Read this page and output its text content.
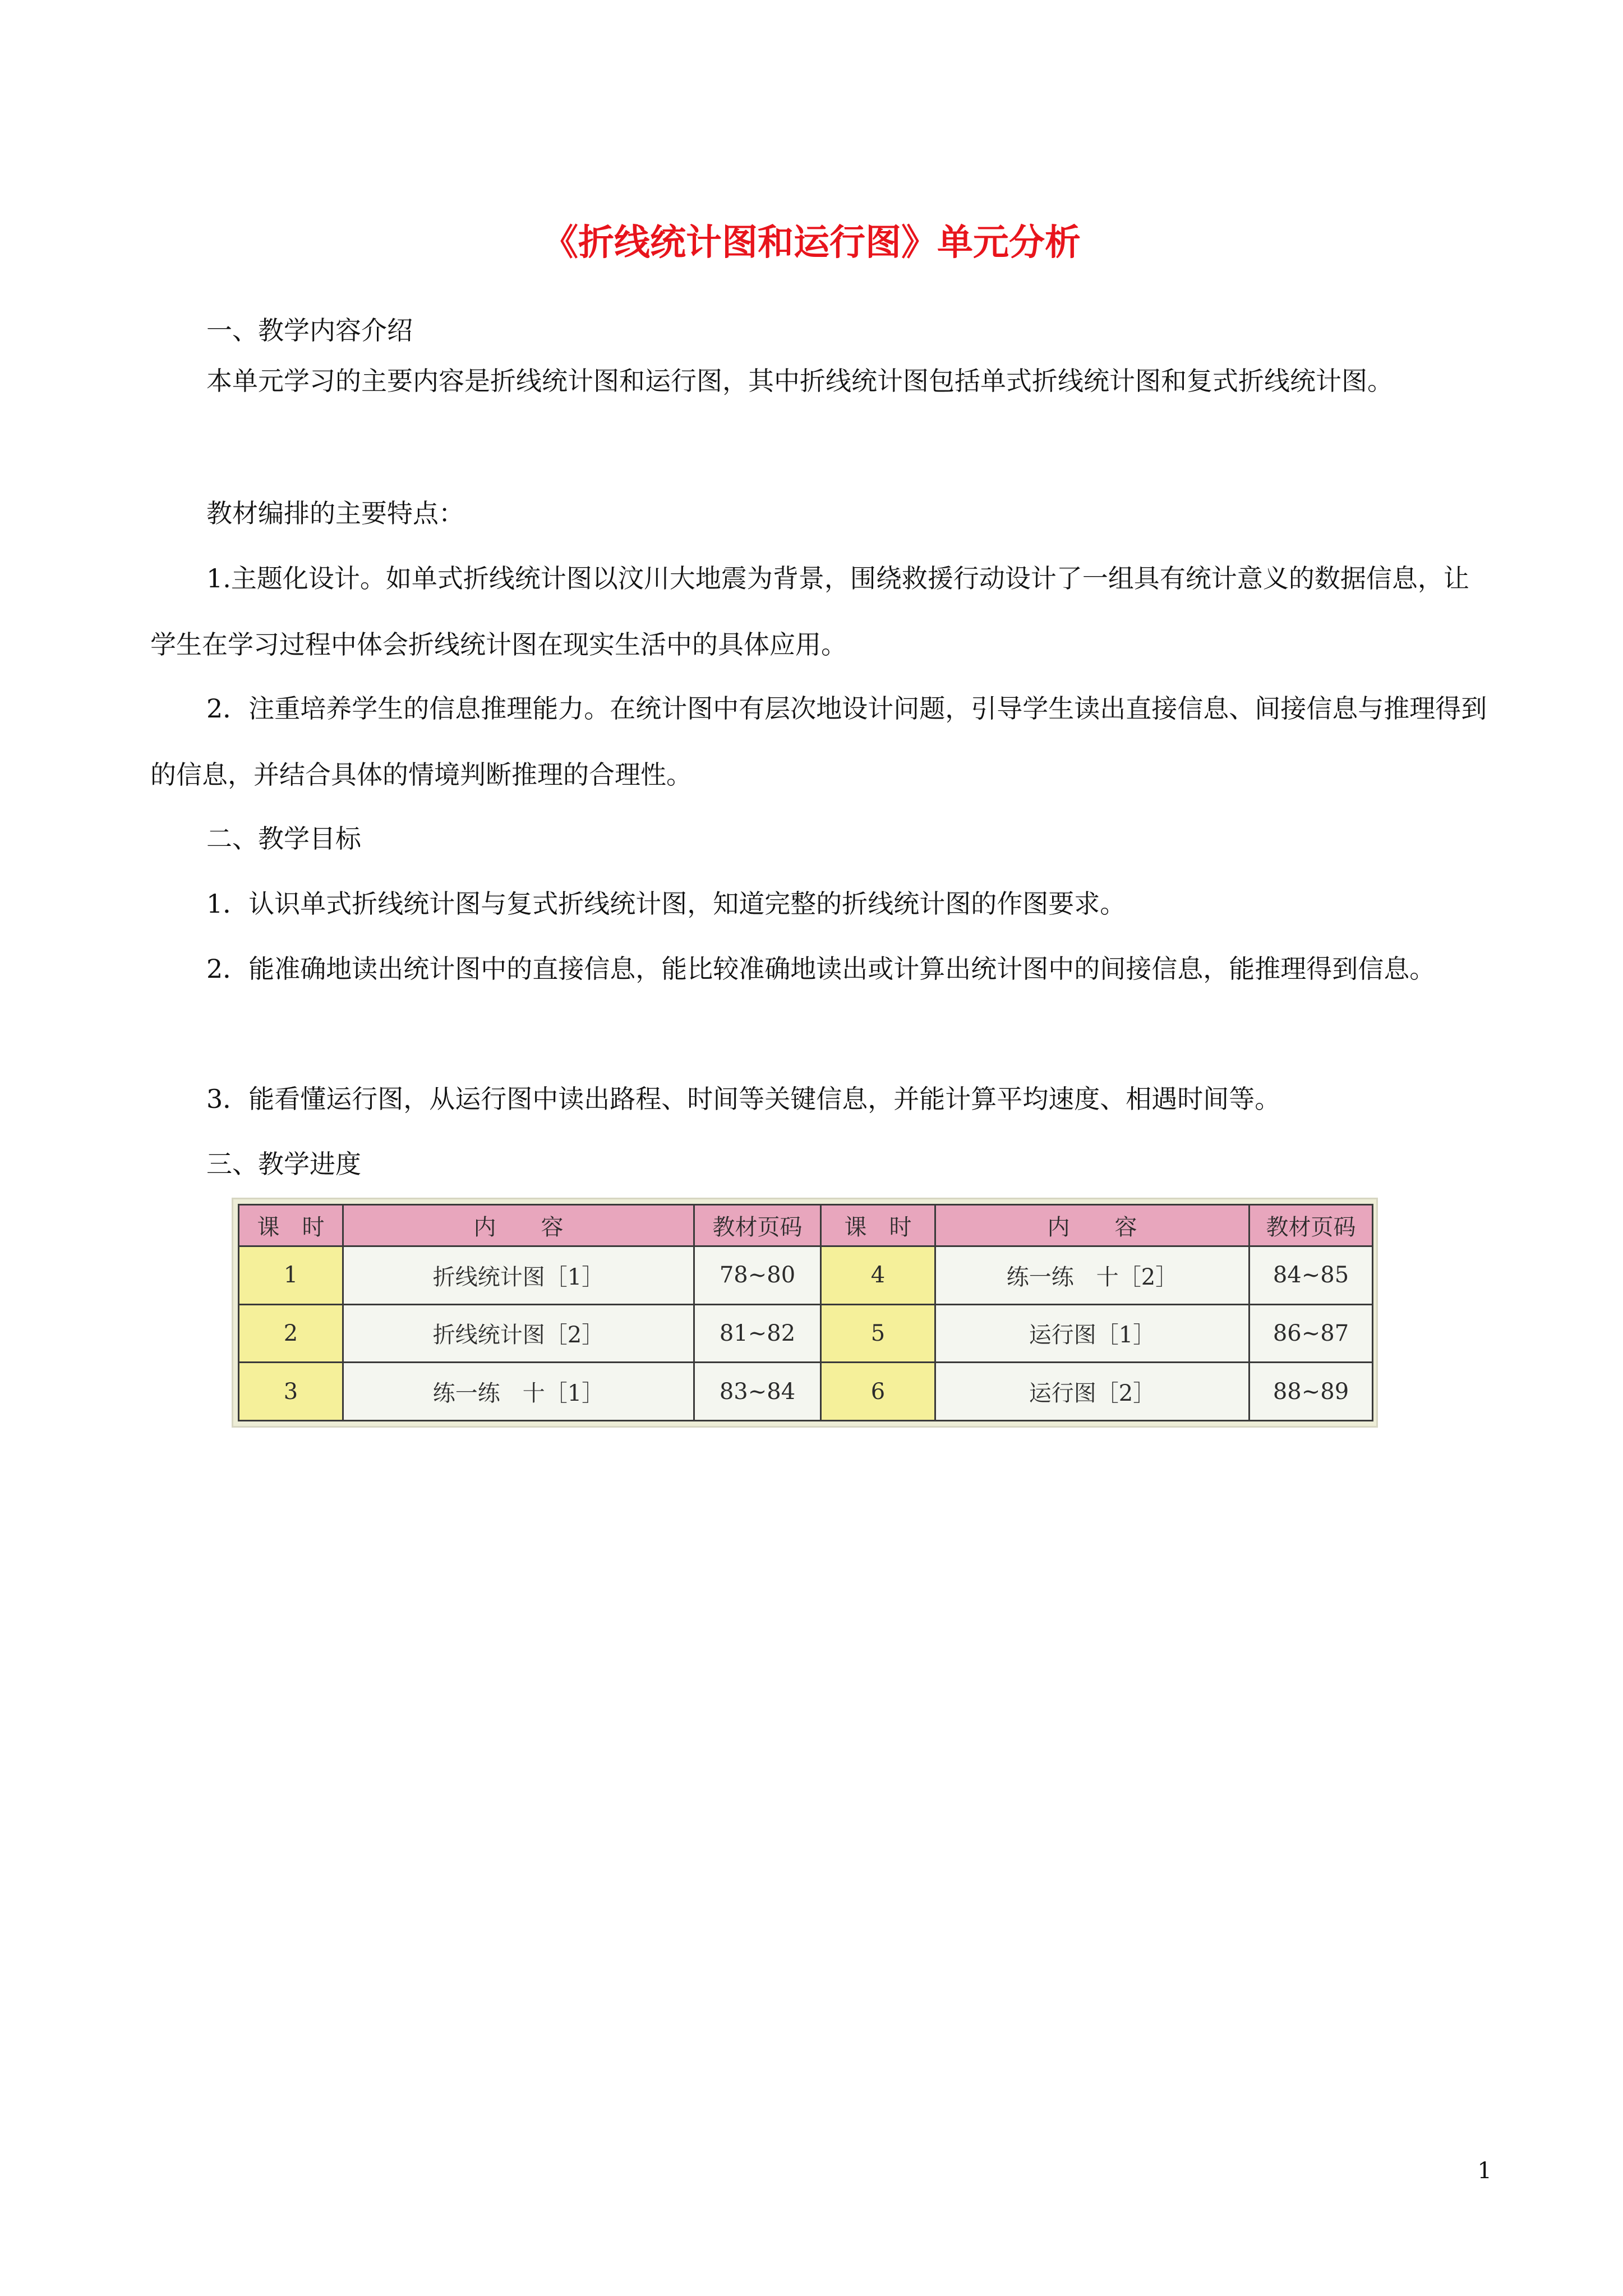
《折线统计图和运行图》单元分析
一、教学内容介绍

本单元学习的主要内容是折线统计图和运行图，其中折线统计图包括单式折线统计图和复式折线统计图。

教材编排的主要特点：

1.主题化设计。如单式折线统计图以汶川大地震为背景，围绕救援行动设计了一组具有统计意义的数据信息，让学生在学习过程中体会折线统计图在现实生活中的具体应用。

2．注重培养学生的信息推理能力。在统计图中有层次地设计问题，引导学生读出直接信息、间接信息与推理得到的信息，并结合具体的情境判断推理的合理性。

二、教学目标

1．认识单式折线统计图与复式折线统计图，知道完整的折线统计图的作图要求。

2．能准确地读出统计图中的直接信息，能比较准确地读出或计算出统计图中的间接信息，能推理得到信息。

3．能看懂运行图，从运行图中读出路程、时间等关键信息，并能计算平均速度、相遇时间等。

三、教学进度
课　时	内　　容	教材页码	课　时	内　　容	教材页码
1	折线统计图［1］	78~80	4	练一练　十［2］	84~85
2	折线统计图［2］	81~82	5	运行图［1］	86~87
3	练一练　十［1］	83~84	6	运行图［2］	88~89
1
